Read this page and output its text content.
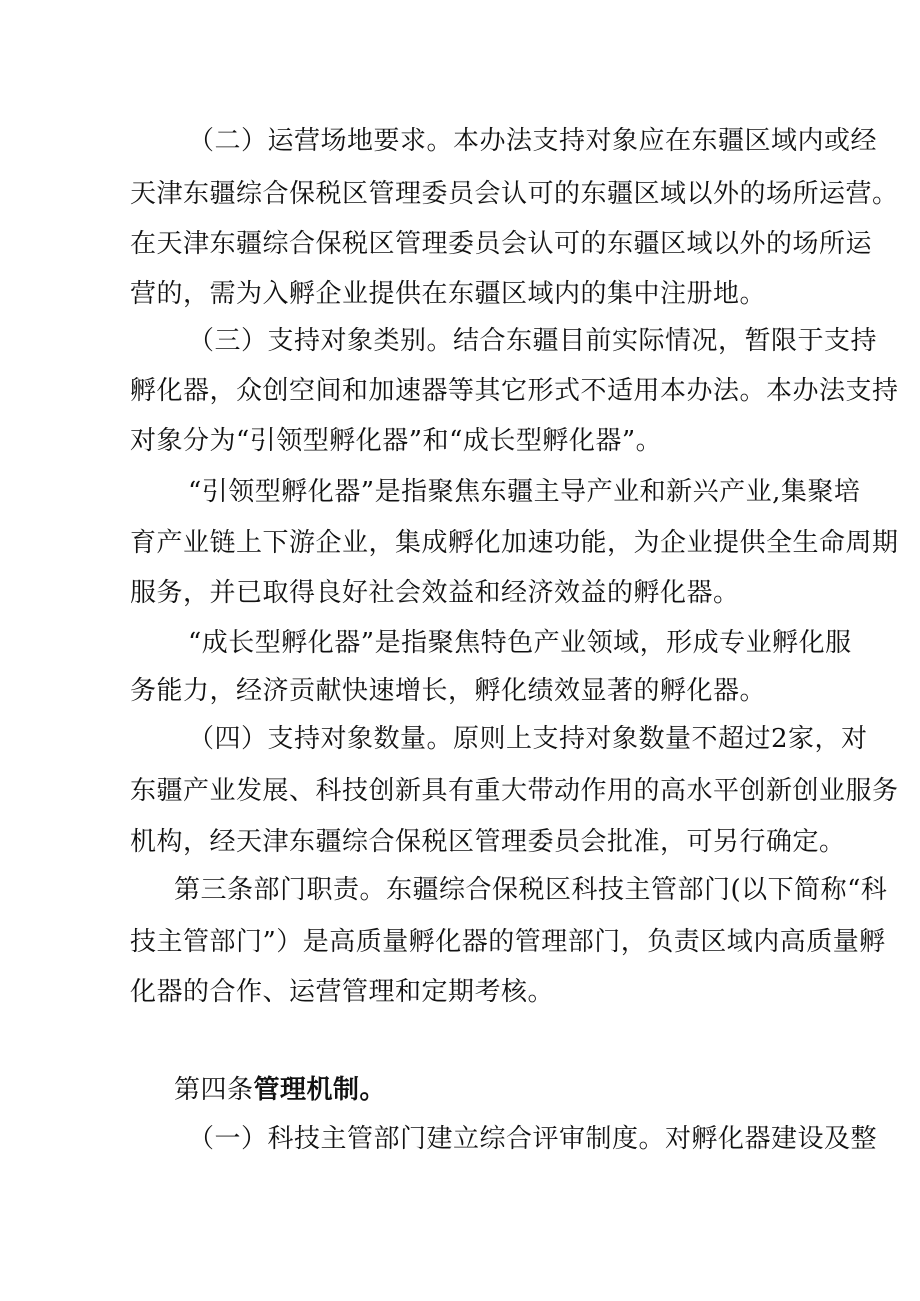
（二）运营场地要求。本办法支持对象应在东疆区域内或经
天津东疆综合保税区管理委员会认可的东疆区域以外的场所运营。
在天津东疆综合保税区管理委员会认可的东疆区域以外的场所运
营的，需为入孵企业提供在东疆区域内的集中注册地。
（三）支持对象类别。结合东疆目前实际情况，暂限于支持
孵化器，众创空间和加速器等其它形式不适用本办法。本办法支持
对象分为“引领型孵化器”和“成长型孵化器”。
“引领型孵化器”是指聚焦东疆主导产业和新兴产业,集聚培
育产业链上下游企业，集成孵化加速功能，为企业提供全生命周期
服务，并已取得良好社会效益和经济效益的孵化器。
“成长型孵化器”是指聚焦特色产业领域，形成专业孵化服
务能力，经济贡献快速增长，孵化绩效显著的孵化器。
（四）支持对象数量。原则上支持对象数量不超过2家，对
东疆产业发展、科技创新具有重大带动作用的高水平创新创业服务
机构，经天津东疆综合保税区管理委员会批准，可另行确定。
第三条部门职责。东疆综合保税区科技主管部门(以下简称“科
技主管部门”）是高质量孵化器的管理部门，负责区域内高质量孵
化器的合作、运营管理和定期考核。
第四条管理机制。
（一）科技主管部门建立综合评审制度。对孵化器建设及整
